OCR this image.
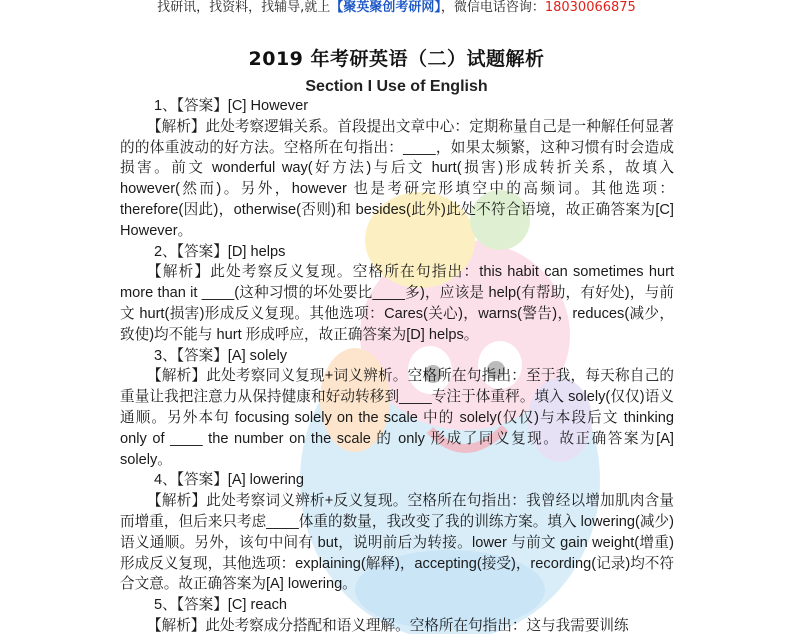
找研讯，找资料，找辅导,就上【聚英聚创考研网】，微信电话咨询：18030066875
2019 年考研英语（二）试题解析
Section I Use of English

1、【答案】[C] However

【解析】此处考察逻辑关系。首段提出文章中心：定期称量自己是一种解任何显著的的体重波动的好方法。空格所在句指出：____，如果太频繁，这种习惯有时会造成损害。前文 wonderful way(好方法)与后文 hurt(损害)形成转折关系，故填入 however(然而)。另外，however 也是考研完形填空中的高频词。其他选项：therefore(因此)，otherwise(否则)和 besides(此外)此处不符合语境，故正确答案为[C] However。

2、【答案】[D] helps

【解析】此处考察反义复现。空格所在句指出：this habit can sometimes hurt more than it ____(这种习惯的坏处要比____多)，应该是 help(有帮助，有好处)，与前文 hurt(损害)形成反义复现。其他选项：Cares(关心)，warns(警告)，reduces(减少，致使)均不能与 hurt 形成呼应，故正确答案为[D] helps。

3、【答案】[A] solely

【解析】此处考察同义复现+词义辨析。空格所在句指出：至于我，每天称自己的重量让我把注意力从保持健康和好动转移到____专注于体重秤。填入 solely(仅仅)语义通顺。另外本句 focusing solely on the scale 中的 solely(仅仅)与本段后文 thinking only of ____ the number on the scale 的 only 形成了同义复现。故正确答案为[A] solely。

4、【答案】[A] lowering

【解析】此处考察词义辨析+反义复现。空格所在句指出：我曾经以增加肌肉含量而增重，但后来只考虑____体重的数量，我改变了我的训练方案。填入 lowering(减少)语义通顺。另外，该句中间有 but，说明前后为转接。lower 与前文 gain weight(增重)形成反义复现，其他选项：explaining(解释)，accepting(接受)，recording(记录)均不符合文意。故正确答案为[A] lowering。

5、【答案】[C] reach

【解析】此处考察成分搭配和语义理解。空格所在句指出：这与我需要训练
